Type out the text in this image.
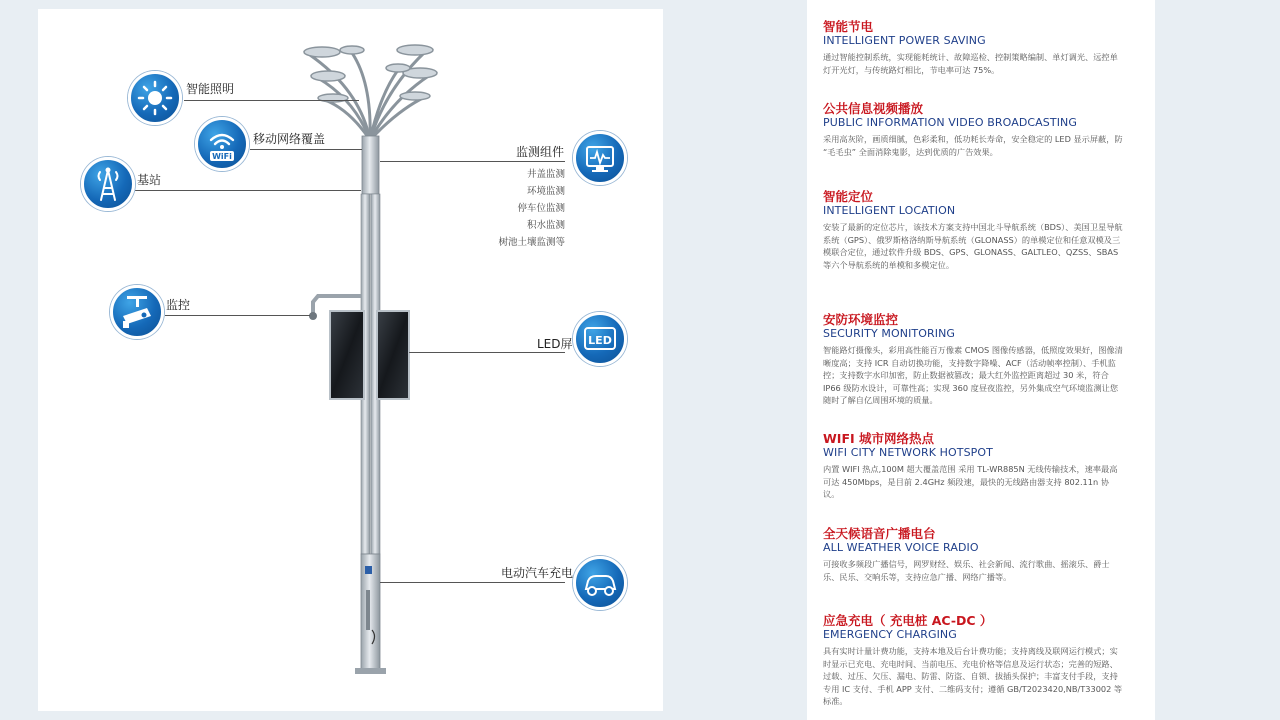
WiFi
LED
智能照明
移动网络覆盖
基站
监控
监测组件
LED屏
电动汽车充电
井盖监测
环境监测
停车位监测
积水监测
树池土壤监测等
智能节电
INTELLIGENT POWER SAVING
通过智能控制系统，实现能耗统计、故障巡检、控制策略编制、单灯调光、远控单灯开光灯，与传统路灯相比，节电率可达 75%。
公共信息视频播放
PUBLIC INFORMATION VIDEO BROADCASTING
采用高灰阶，画质细腻，色彩柔和，低功耗长寿命，安全稳定的 LED 显示屏蔽，防 “毛毛虫” 全面消除鬼影，达到优质的广告效果。
智能定位
INTELLIGENT LOCATION
安装了最新的定位芯片，该技术方案支持中国北斗导航系统（BDS）、美国卫星导航系统（GPS）、俄罗斯格洛纳斯导航系统（GLONASS）的单模定位和任意双模及三模联合定位，通过软件升级 BDS、GPS、GLONASS、GALTLEO、QZSS、SBAS 等六个导航系统的单模和多模定位。
安防环境监控
SECURITY MONITORING
智能路灯摄像头，彩用高性能百万像素 CMOS 图像传感器，低照度效果好，图像清晰度高；支持 ICR 自动切换功能，支持数字降噪、ACF（活动帧率控制）、手机监控；支持数字水印加密，防止数据被篡改；最大红外监控距离超过 30 米，符合 IP66 级防水设计，可靠性高；实现 360 度昼夜监控，另外集成空气环境监测让您随时了解自亿周围环境的质量。
WIFI 城市网络热点
WIFI CITY NETWORK HOTSPOT
内置 WIFI 热点,100M 超大覆盖范围 采用 TL-WR885N 无线传输技术，速率最高可达 450Mbps，是目前 2.4GHz 频段速，最快的无线路由器支持 802.11n 协议。
全天候语音广播电台
ALL WEATHER VOICE RADIO
可接收多频段广播信号，网罗财经、娱乐、社会新闻、流行歌曲、摇滚乐、爵士乐、民乐、交响乐等，支持应急广播、网络广播等。
应急充电（ 充电桩 AC-DC ）
EMERGENCY CHARGING
具有实时计量计费功能，支持本地及后台计费功能；支持离线及联网运行模式；实时显示已充电、充电时间、当前电压、充电价格等信息及运行状态；完善的短路、过载、过压、欠压、漏电、防雷、防盗、自锁、拔插头保护；丰富支付手段，支持专用 IC 支付、手机 APP 支付、二维码支付；遵循 GB/T2023420,NB/T33002 等标准。
